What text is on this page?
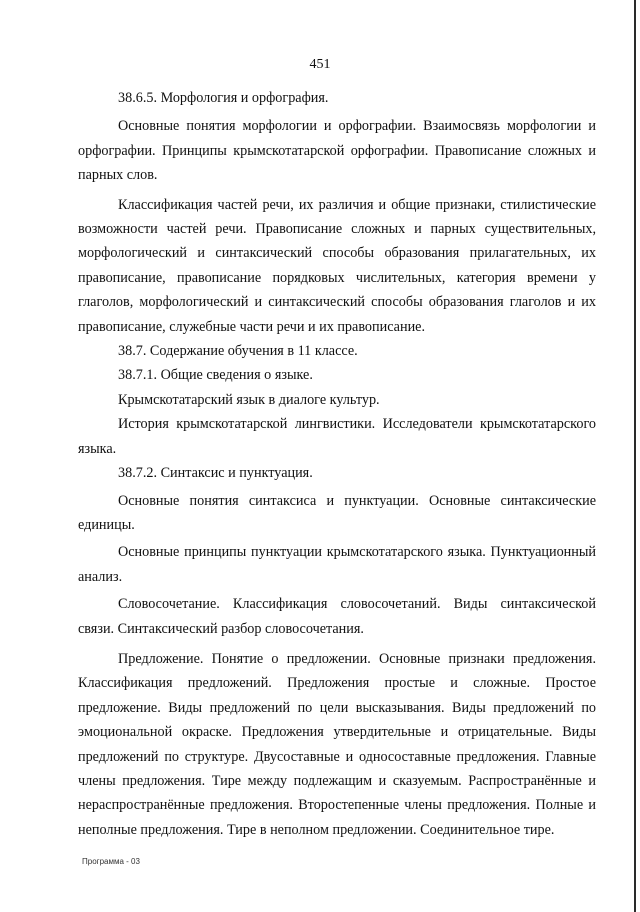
451

38.6.5. Морфология и орфография.

Основные понятия морфологии и орфографии. Взаимосвязь морфологии и орфографии. Принципы крымскотатарской орфографии. Правописание сложных и парных слов.

Классификация частей речи, их различия и общие признаки, стилистические возможности частей речи. Правописание сложных и парных существительных, морфологический и синтаксический способы образования прилагательных, их правописание, правописание порядковых числительных, категория времени у глаголов, морфологический и синтаксический способы образования глаголов и их правописание, служебные части речи и их правописание.

38.7. Содержание обучения в 11 классе.

38.7.1. Общие сведения о языке.

Крымскотатарский язык в диалоге культур.

История крымскотатарской лингвистики. Исследователи крымскотатарского языка.

38.7.2. Синтаксис и пунктуация.

Основные понятия синтаксиса и пунктуации. Основные синтаксические единицы.

Основные принципы пунктуации крымскотатарского языка. Пунктуационный анализ.

Словосочетание. Классификация словосочетаний. Виды синтаксической связи. Синтаксический разбор словосочетания.

Предложение. Понятие о предложении. Основные признаки предложения. Классификация предложений. Предложения простые и сложные. Простое предложение. Виды предложений по цели высказывания. Виды предложений по эмоциональной окраске. Предложения утвердительные и отрицательные. Виды предложений по структуре. Двусоставные и односоставные предложения. Главные члены предложения. Тире между подлежащим и сказуемым. Распространённые и нераспространённые предложения. Второстепенные члены предложения. Полные и неполные предложения. Тире в неполном предложении. Соединительное тире.

Программа - 03
